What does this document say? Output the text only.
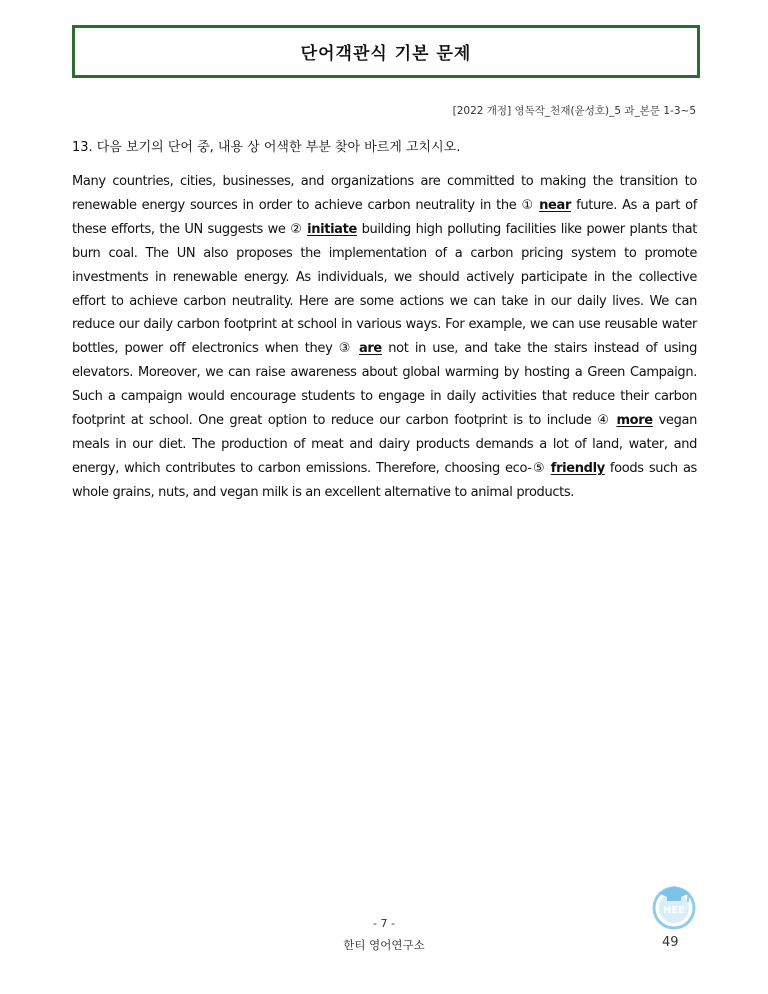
단어객관식 기본 문제
[2022 개정] 영독작_천재(윤성호)_5 과_본문 1-3~5
13. 다음 보기의 단어 중, 내용 상 어색한 부분 찾아 바르게 고치시오.
Many countries, cities, businesses, and organizations are committed to making the transition to renewable energy sources in order to achieve carbon neutrality in the ① near future. As a part of these efforts, the UN suggests we ② initiate building high polluting facilities like power plants that burn coal. The UN also proposes the implementation of a carbon pricing system to promote investments in renewable energy. As individuals, we should actively participate in the collective effort to achieve carbon neutrality. Here are some actions we can take in our daily lives. We can reduce our daily carbon footprint at school in various ways. For example, we can use reusable water bottles, power off electronics when they ③ are not in use, and take the stairs instead of using elevators. Moreover, we can raise awareness about global warming by hosting a Green Campaign. Such a campaign would encourage students to engage in daily activities that reduce their carbon footprint at school. One great option to reduce our carbon footprint is to include ④ more vegan meals in our diet. The production of meat and dairy products demands a lot of land, water, and energy, which contributes to carbon emissions. Therefore, choosing eco-⑤ friendly foods such as whole grains, nuts, and vegan milk is an excellent alternative to animal products.
- 7 -
한티 영어연구소
HEE
49
